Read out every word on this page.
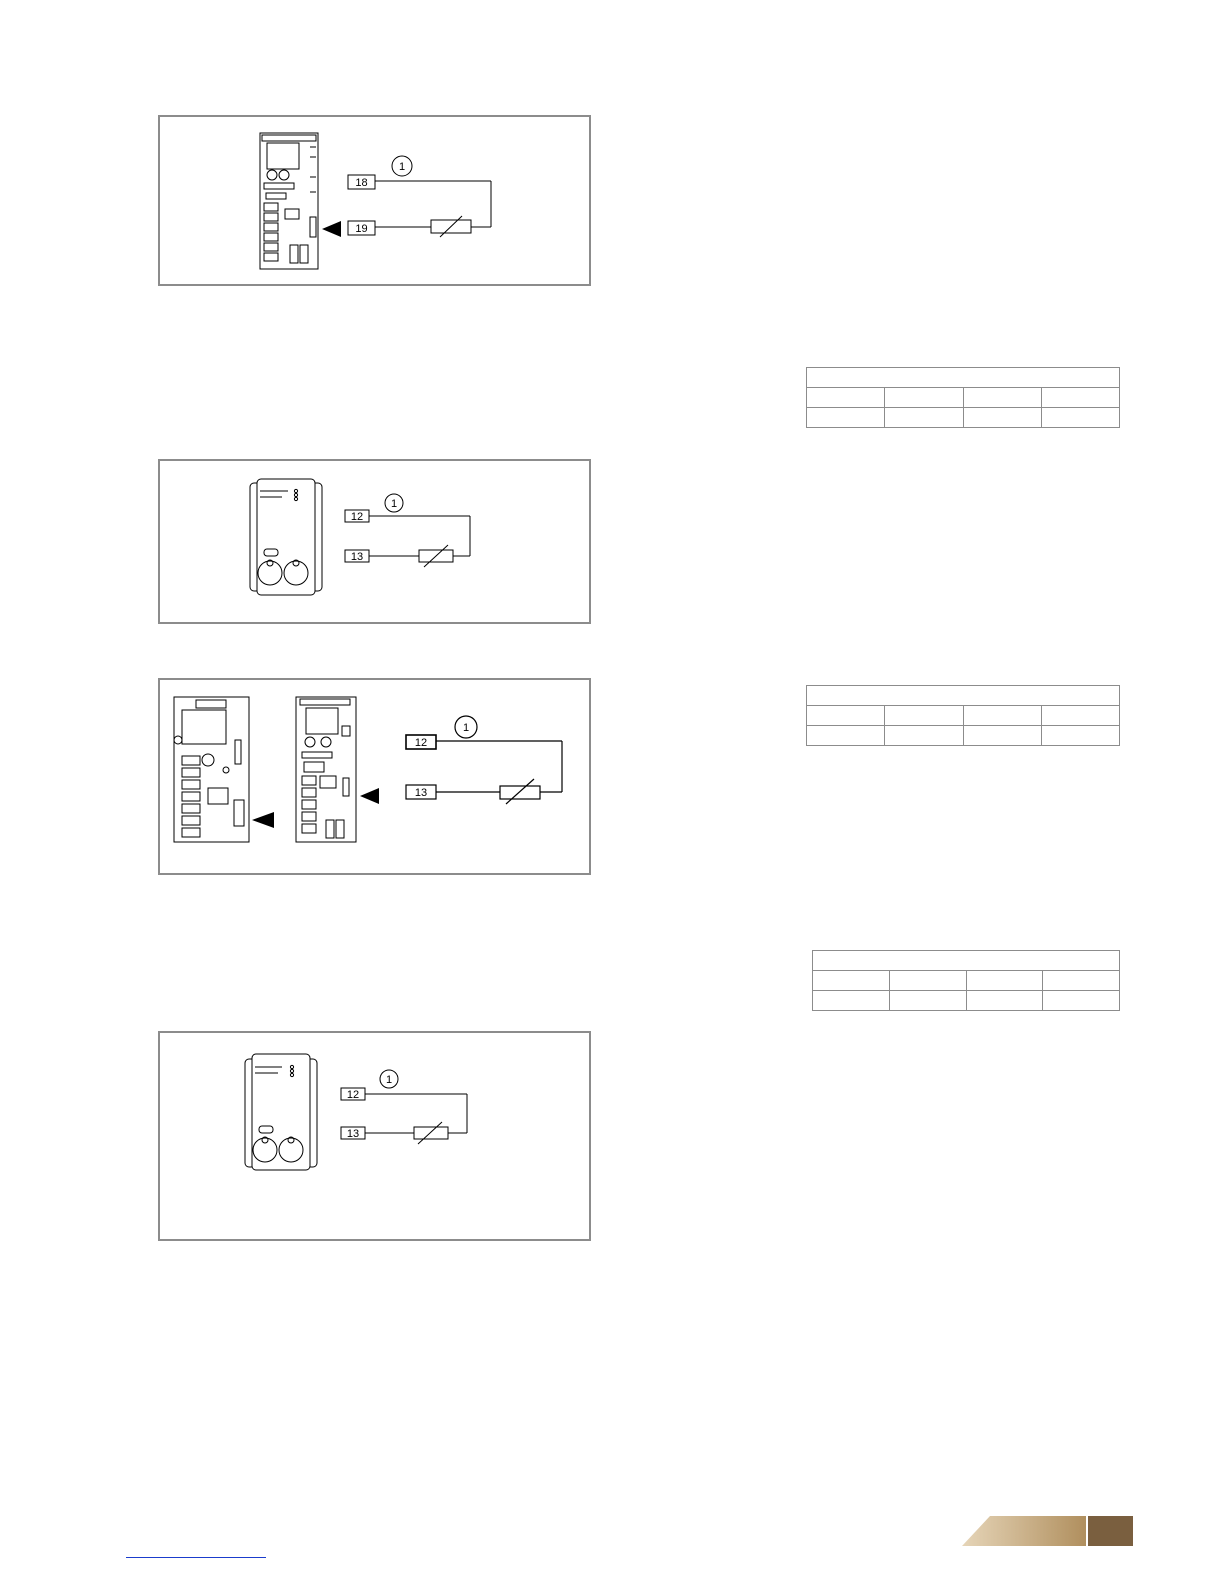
18
19
1
12
13
1
12
13
1
12
13
1
